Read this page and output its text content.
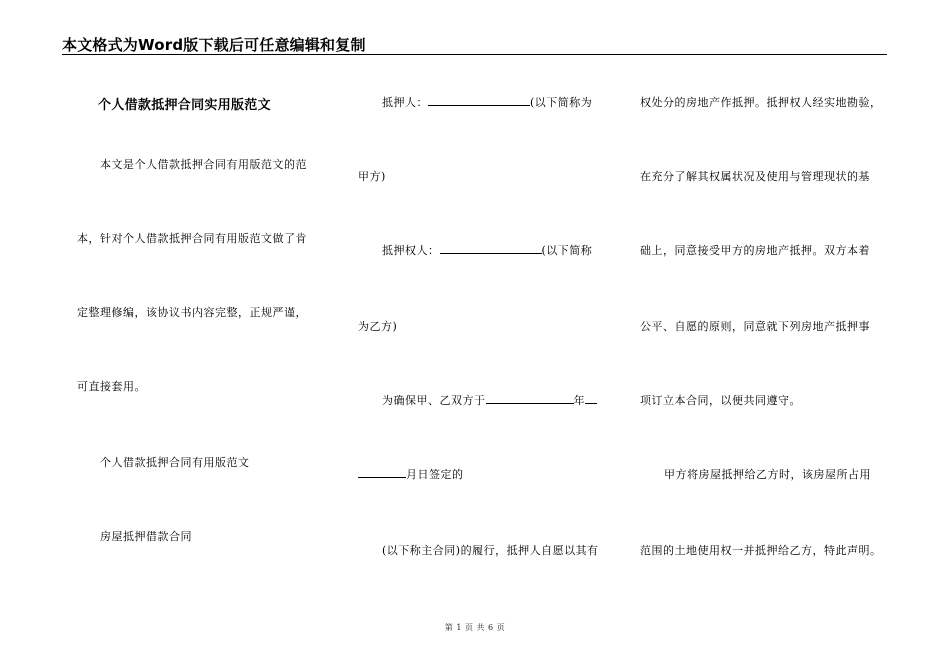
本文格式为Word版下载后可任意编辑和复制
个人借款抵押合同实用版范文
本文是个人借款抵押合同有用版范文的范
本，针对个人借款抵押合同有用版范文做了肯
定整理修编，该协议书内容完整，正规严谨，
可直接套用。
个人借款抵押合同有用版范文
房屋抵押借款合同
抵押人：	(以下简称为
甲方)
抵押权人：	(以下简称
为乙方)
为确保甲、乙双方于	年
月日签定的
(以下称主合同)的履行，抵押人自愿以其有
权处分的房地产作抵押。抵押权人经实地勘验，
在充分了解其权属状况及使用与管理现状的基
础上，同意接受甲方的房地产抵押。双方本着
公平、自愿的原则，同意就下列房地产抵押事
项订立本合同，以便共同遵守。
甲方将房屋抵押给乙方时，该房屋所占用
范围的土地使用权一并抵押给乙方，特此声明。
第 1 页 共 6 页
